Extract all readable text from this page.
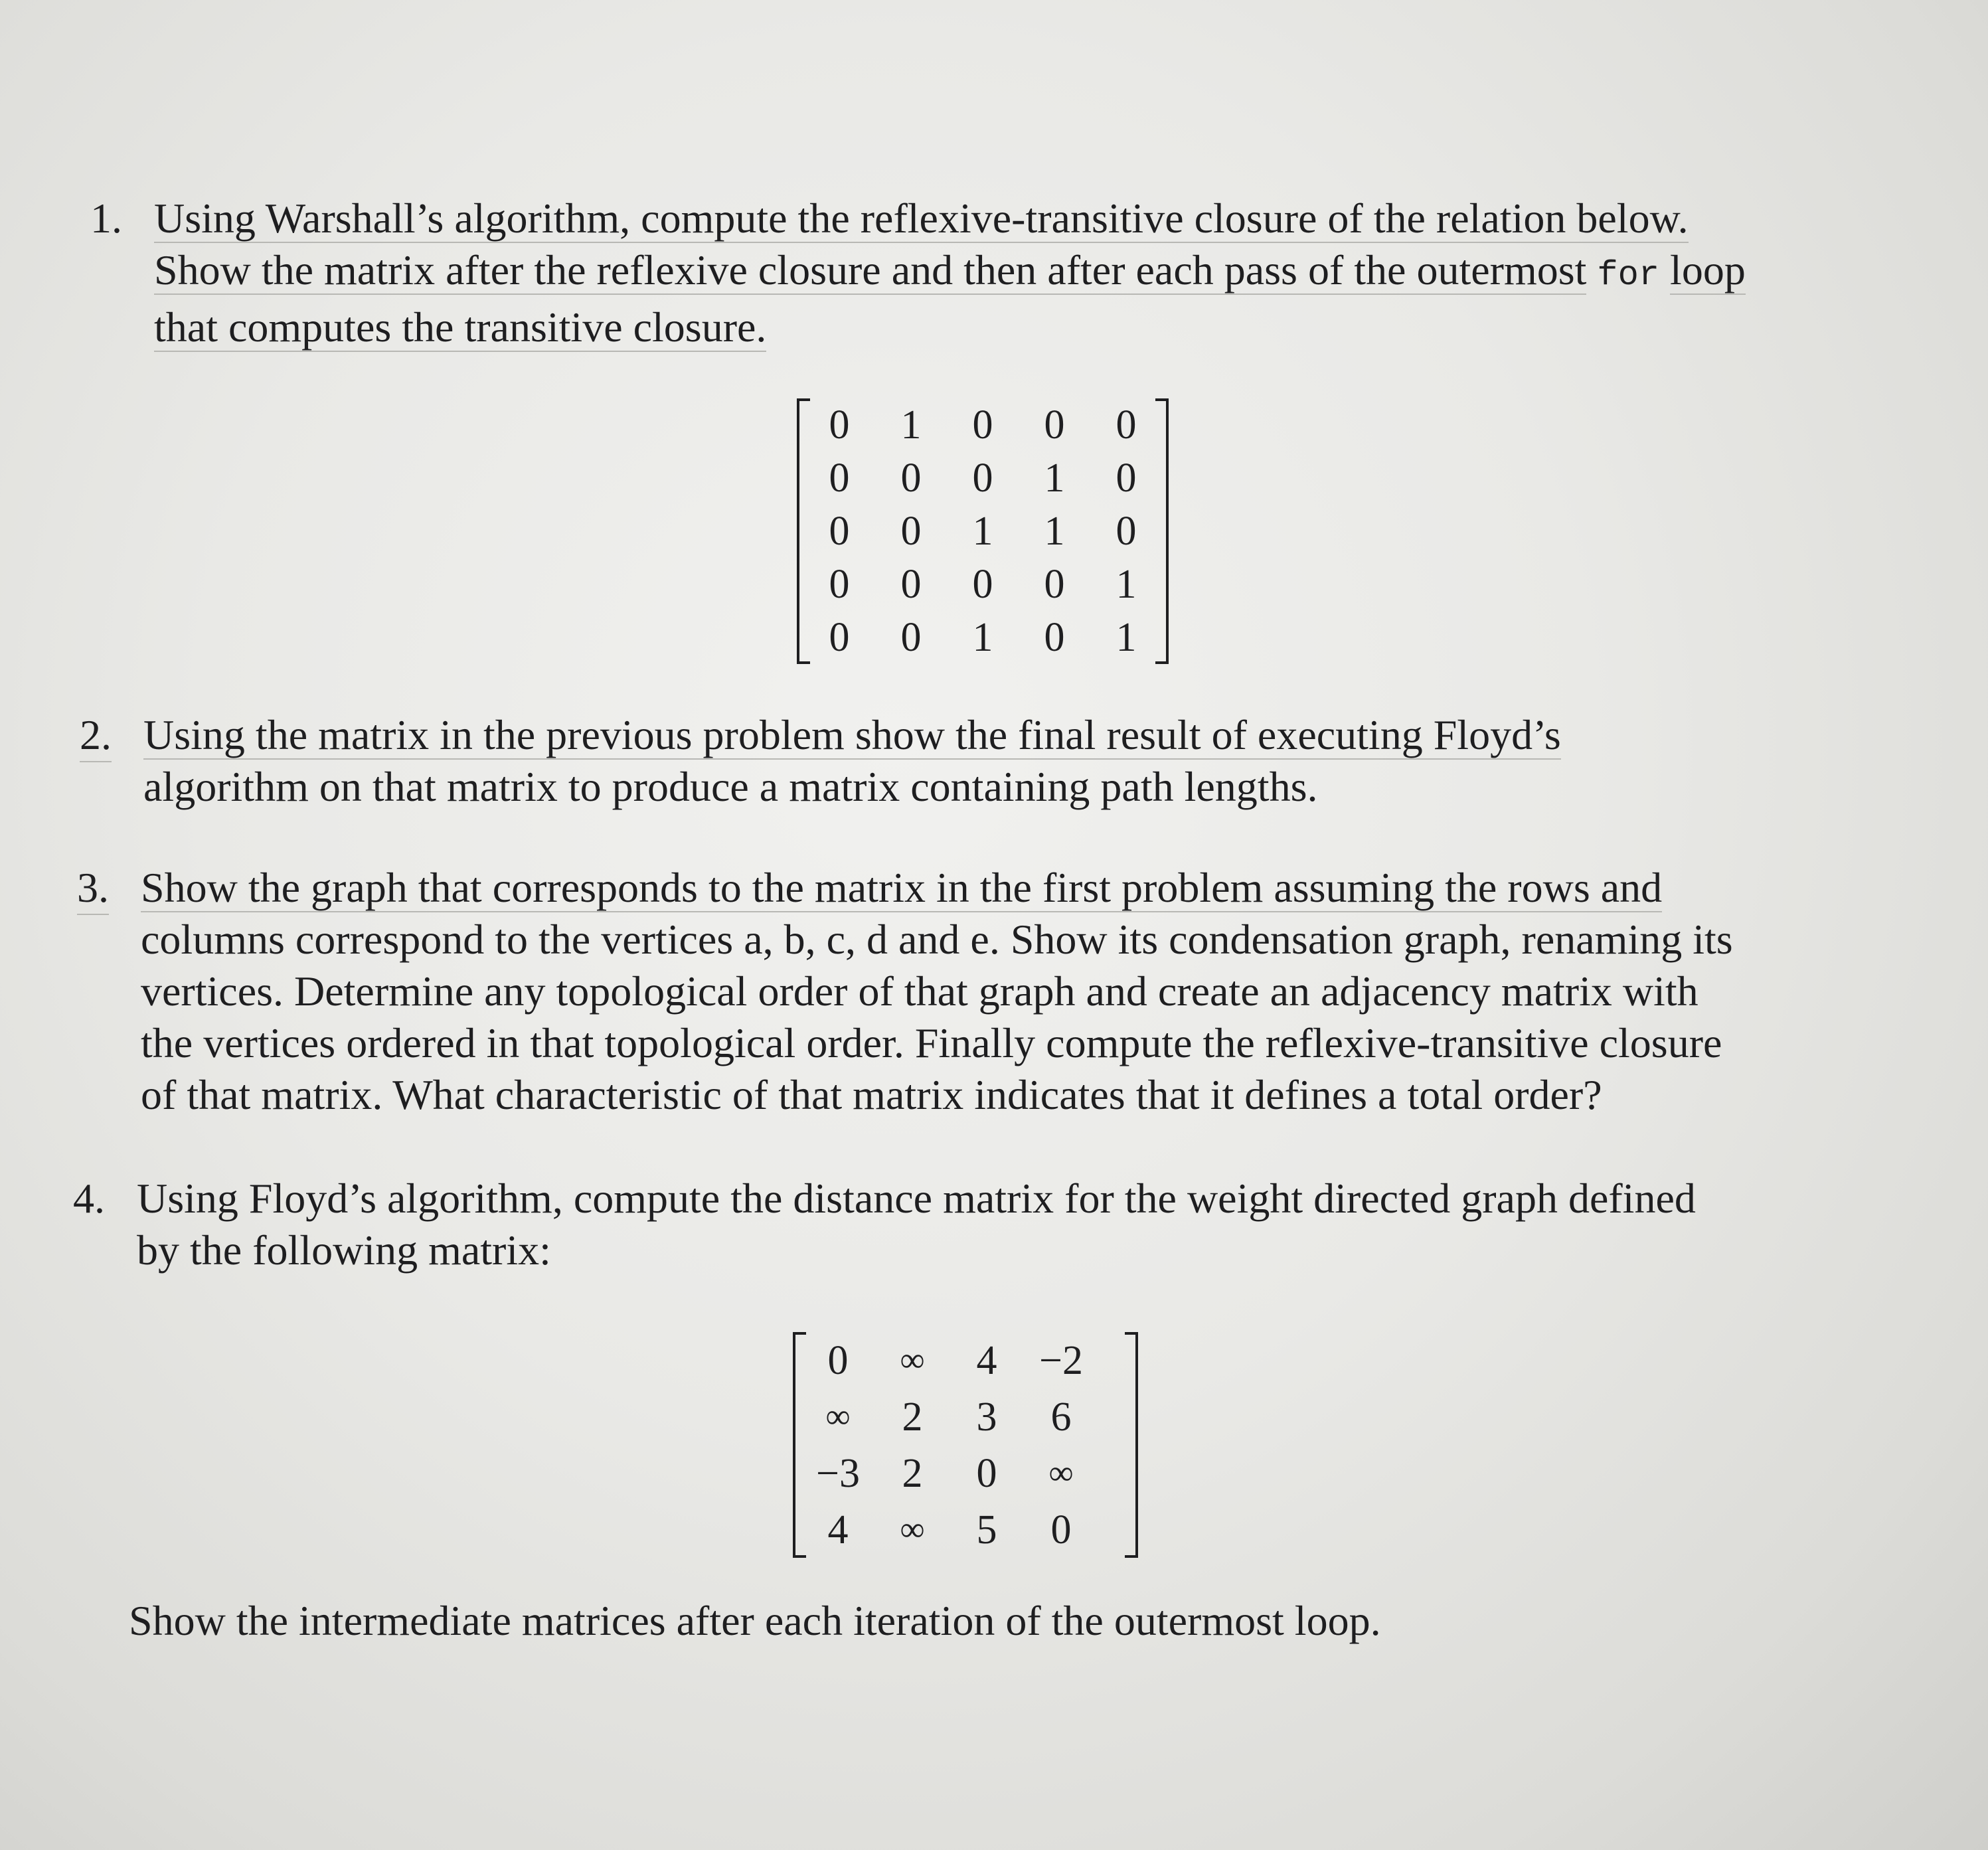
1. Using Warshall’s algorithm, compute the reflexive-transitive closure of the relation below.
Show the matrix after the reflexive closure and then after each pass of the outermost for loop
that computes the transitive closure.
0	1	0	0	0
0	0	0	1	0
0	0	1	1	0
0	0	0	0	1
0	0	1	0	1
2. Using the matrix in the previous problem show the final result of executing Floyd’s
algorithm on that matrix to produce a matrix containing path lengths.
3. Show the graph that corresponds to the matrix in the first problem assuming the rows and
columns correspond to the vertices a, b, c, d and e. Show its condensation graph, renaming its
vertices. Determine any topological order of that graph and create an adjacency matrix with
the vertices ordered in that topological order. Finally compute the reflexive-transitive closure
of that matrix. What characteristic of that matrix indicates that it defines a total order?
4. Using Floyd’s algorithm, compute the distance matrix for the weight directed graph defined
by the following matrix:
0	∞	4	−2
∞	2	3	6
−3	2	0	∞
4	∞	5	0
Show the intermediate matrices after each iteration of the outermost loop.
